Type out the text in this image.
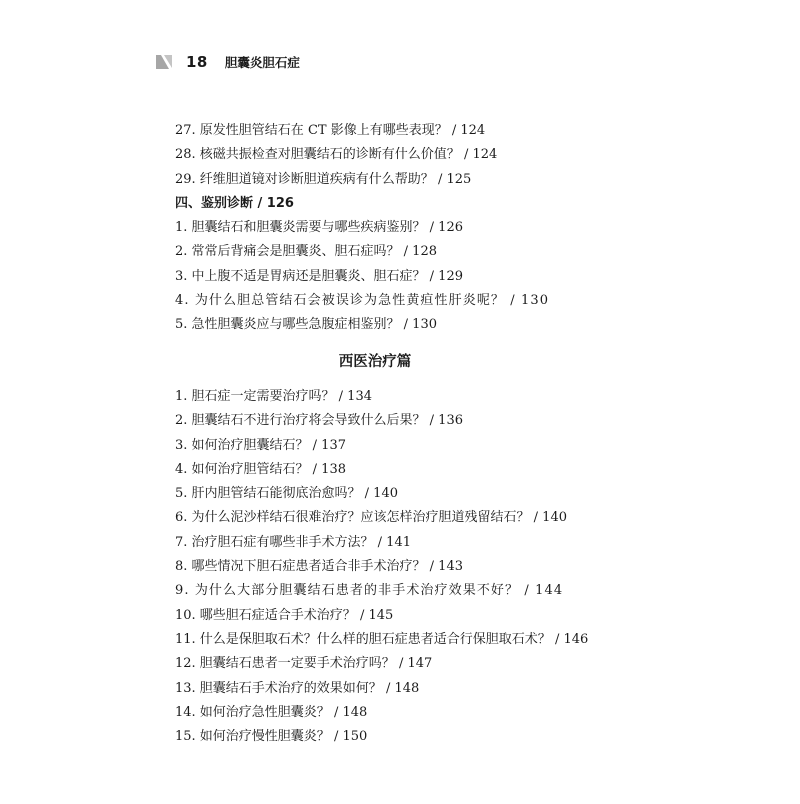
18 胆囊炎胆石症
27. 原发性胆管结石在 CT 影像上有哪些表现？ / 124
28. 核磁共振检查对胆囊结石的诊断有什么价值？ / 124
29. 纤维胆道镜对诊断胆道疾病有什么帮助？ / 125
四、鉴别诊断 / 126
1. 胆囊结石和胆囊炎需要与哪些疾病鉴别？ / 126
2. 常常后背痛会是胆囊炎、胆石症吗？ / 128
3. 中上腹不适是胃病还是胆囊炎、胆石症？ / 129
4. 为什么胆总管结石会被误诊为急性黄疸性肝炎呢？ / 130
5. 急性胆囊炎应与哪些急腹症相鉴别？ / 130
西医治疗篇
1. 胆石症一定需要治疗吗？ / 134
2. 胆囊结石不进行治疗将会导致什么后果？ / 136
3. 如何治疗胆囊结石？ / 137
4. 如何治疗胆管结石？ / 138
5. 肝内胆管结石能彻底治愈吗？ / 140
6. 为什么泥沙样结石很难治疗？应该怎样治疗胆道残留结石？ / 140
7. 治疗胆石症有哪些非手术方法？ / 141
8. 哪些情况下胆石症患者适合非手术治疗？ / 143
9. 为什么大部分胆囊结石患者的非手术治疗效果不好？ / 144
10. 哪些胆石症适合手术治疗？ / 145
11. 什么是保胆取石术？什么样的胆石症患者适合行保胆取石术？ / 146
12. 胆囊结石患者一定要手术治疗吗？ / 147
13. 胆囊结石手术治疗的效果如何？ / 148
14. 如何治疗急性胆囊炎？ / 148
15. 如何治疗慢性胆囊炎？ / 150
